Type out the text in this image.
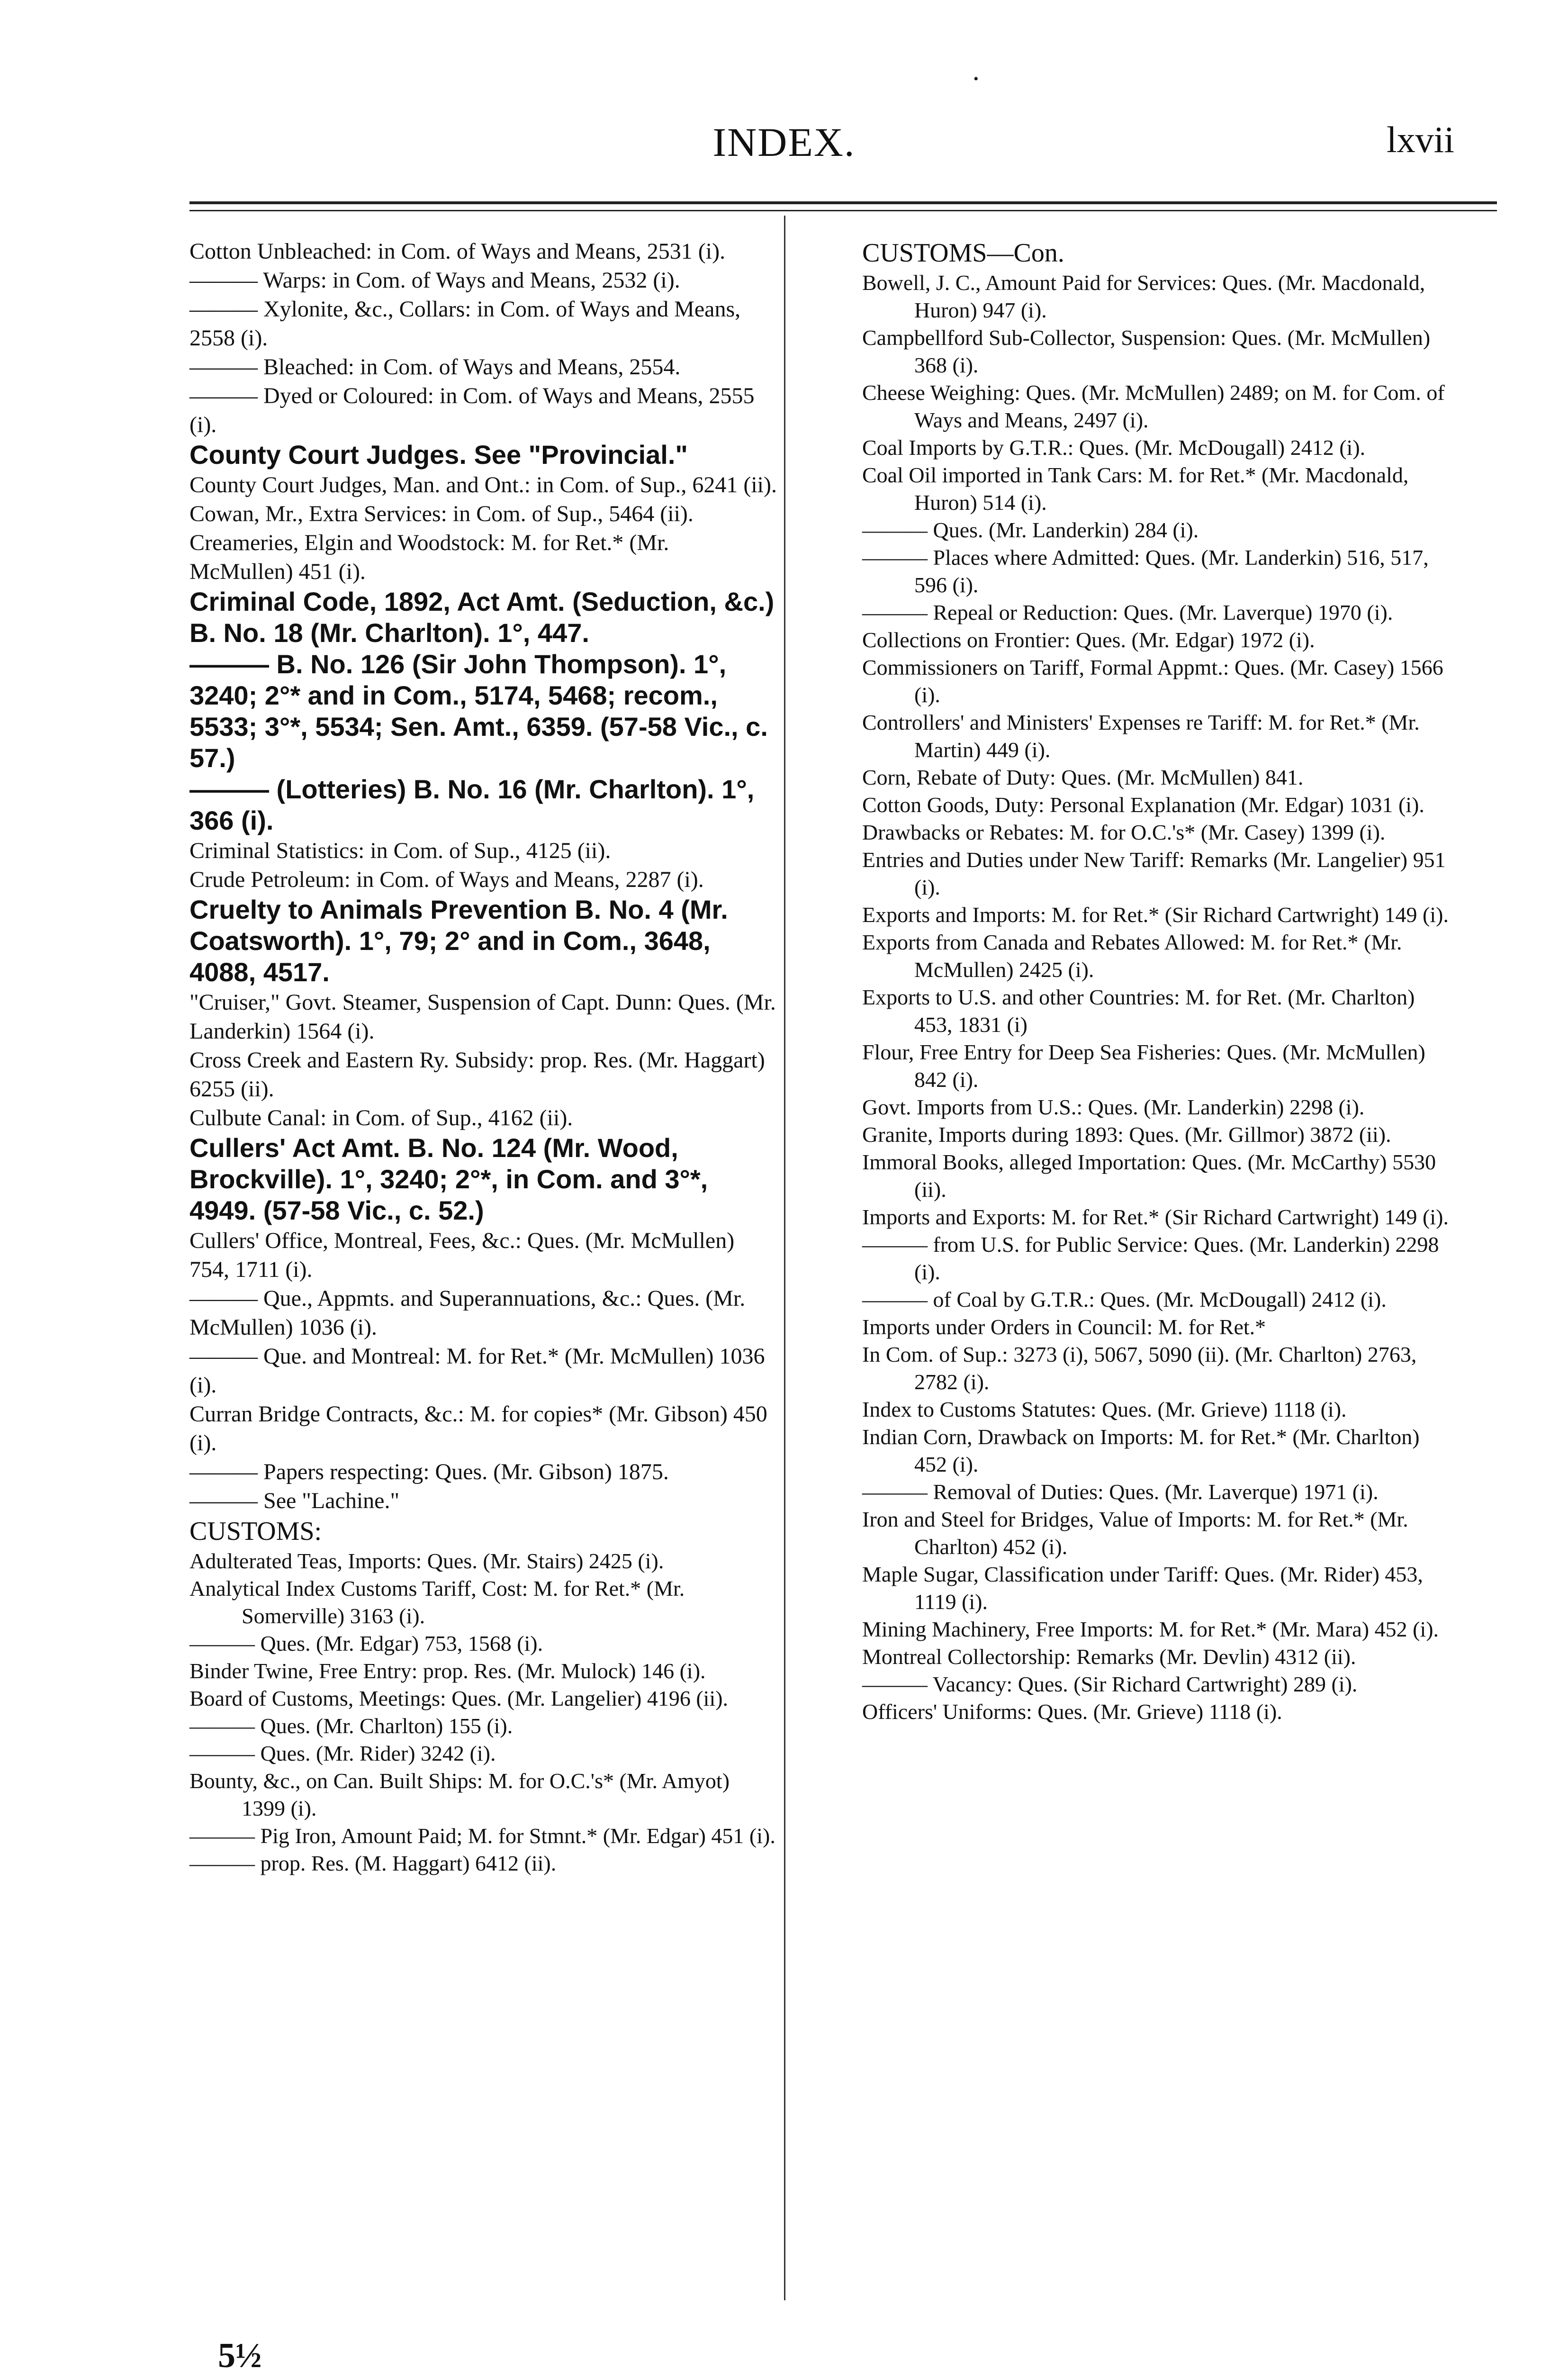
•
INDEX.	lxvii

Cotton Unbleached: in Com. of Ways and Means, 2531 (i).

——— Warps: in Com. of Ways and Means, 2532 (i).

——— Xylonite, &c., Collars: in Com. of Ways and Means, 2558 (i).

——— Bleached: in Com. of Ways and Means, 2554.

——— Dyed or Coloured: in Com. of Ways and Means, 2555 (i).

County Court Judges. See "Provincial."

County Court Judges, Man. and Ont.: in Com. of Sup., 6241 (ii).

Cowan, Mr., Extra Services: in Com. of Sup., 5464 (ii).

Creameries, Elgin and Woodstock: M. for Ret.* (Mr. McMullen) 451 (i).

Criminal Code, 1892, Act Amt. (Seduction, &c.) B. No. 18 (Mr. Charlton). 1°, 447.

——— B. No. 126 (Sir John Thompson). 1°, 3240; 2°* and in Com., 5174, 5468; recom., 5533; 3°*, 5534; Sen. Amt., 6359. (57-58 Vic., c. 57.)

——— (Lotteries) B. No. 16 (Mr. Charlton). 1°, 366 (i).

Criminal Statistics: in Com. of Sup., 4125 (ii).

Crude Petroleum: in Com. of Ways and Means, 2287 (i).

Cruelty to Animals Prevention B. No. 4 (Mr. Coatsworth). 1°, 79; 2° and in Com., 3648, 4088, 4517.

"Cruiser," Govt. Steamer, Suspension of Capt. Dunn: Ques. (Mr. Landerkin) 1564 (i).

Cross Creek and Eastern Ry. Subsidy: prop. Res. (Mr. Haggart) 6255 (ii).

Culbute Canal: in Com. of Sup., 4162 (ii).

Cullers' Act Amt. B. No. 124 (Mr. Wood, Brockville). 1°, 3240; 2°*, in Com. and 3°*, 4949. (57-58 Vic., c. 52.)

Cullers' Office, Montreal, Fees, &c.: Ques. (Mr. McMullen) 754, 1711 (i).

——— Que., Appmts. and Superannuations, &c.: Ques. (Mr. McMullen) 1036 (i).

——— Que. and Montreal: M. for Ret.* (Mr. McMullen) 1036 (i).

Curran Bridge Contracts, &c.: M. for copies* (Mr. Gibson) 450 (i).

——— Papers respecting: Ques. (Mr. Gibson) 1875.

——— See "Lachine."

CUSTOMS:

Adulterated Teas, Imports: Ques. (Mr. Stairs) 2425 (i).

Analytical Index Customs Tariff, Cost: M. for Ret.* (Mr. Somerville) 3163 (i).

——— Ques. (Mr. Edgar) 753, 1568 (i).

Binder Twine, Free Entry: prop. Res. (Mr. Mulock) 146 (i).

Board of Customs, Meetings: Ques. (Mr. Langelier) 4196 (ii).

——— Ques. (Mr. Charlton) 155 (i).

——— Ques. (Mr. Rider) 3242 (i).

Bounty, &c., on Can. Built Ships: M. for O.C.'s* (Mr. Amyot) 1399 (i).

——— Pig Iron, Amount Paid; M. for Stmnt.* (Mr. Edgar) 451 (i).

——— prop. Res. (M. Haggart) 6412 (ii).

CUSTOMS—Con.

Bowell, J. C., Amount Paid for Services: Ques. (Mr. Macdonald, Huron) 947 (i).

Campbellford Sub-Collector, Suspension: Ques. (Mr. McMullen) 368 (i).

Cheese Weighing: Ques. (Mr. McMullen) 2489; on M. for Com. of Ways and Means, 2497 (i).

Coal Imports by G.T.R.: Ques. (Mr. McDougall) 2412 (i).

Coal Oil imported in Tank Cars: M. for Ret.* (Mr. Macdonald, Huron) 514 (i).

——— Ques. (Mr. Landerkin) 284 (i).

——— Places where Admitted: Ques. (Mr. Landerkin) 516, 517, 596 (i).

——— Repeal or Reduction: Ques. (Mr. Laverque) 1970 (i).

Collections on Frontier: Ques. (Mr. Edgar) 1972 (i).

Commissioners on Tariff, Formal Appmt.: Ques. (Mr. Casey) 1566 (i).

Controllers' and Ministers' Expenses re Tariff: M. for Ret.* (Mr. Martin) 449 (i).

Corn, Rebate of Duty: Ques. (Mr. McMullen) 841.

Cotton Goods, Duty: Personal Explanation (Mr. Edgar) 1031 (i).

Drawbacks or Rebates: M. for O.C.'s* (Mr. Casey) 1399 (i).

Entries and Duties under New Tariff: Remarks (Mr. Langelier) 951 (i).

Exports and Imports: M. for Ret.* (Sir Richard Cartwright) 149 (i).

Exports from Canada and Rebates Allowed: M. for Ret.* (Mr. McMullen) 2425 (i).

Exports to U.S. and other Countries: M. for Ret. (Mr. Charlton) 453, 1831 (i)

Flour, Free Entry for Deep Sea Fisheries: Ques. (Mr. McMullen) 842 (i).

Govt. Imports from U.S.: Ques. (Mr. Landerkin) 2298 (i).

Granite, Imports during 1893: Ques. (Mr. Gillmor) 3872 (ii).

Immoral Books, alleged Importation: Ques. (Mr. McCarthy) 5530 (ii).

Imports and Exports: M. for Ret.* (Sir Richard Cartwright) 149 (i).

——— from U.S. for Public Service: Ques. (Mr. Landerkin) 2298 (i).

——— of Coal by G.T.R.: Ques. (Mr. McDougall) 2412 (i).

Imports under Orders in Council: M. for Ret.*

In Com. of Sup.: 3273 (i), 5067, 5090 (ii). (Mr. Charlton) 2763, 2782 (i).

Index to Customs Statutes: Ques. (Mr. Grieve) 1118 (i).

Indian Corn, Drawback on Imports: M. for Ret.* (Mr. Charlton) 452 (i).

——— Removal of Duties: Ques. (Mr. Laverque) 1971 (i).

Iron and Steel for Bridges, Value of Imports: M. for Ret.* (Mr. Charlton) 452 (i).

Maple Sugar, Classification under Tariff: Ques. (Mr. Rider) 453, 1119 (i).

Mining Machinery, Free Imports: M. for Ret.* (Mr. Mara) 452 (i).

Montreal Collectorship: Remarks (Mr. Devlin) 4312 (ii).

——— Vacancy: Ques. (Sir Richard Cartwright) 289 (i).

Officers' Uniforms: Ques. (Mr. Grieve) 1118 (i).

5½
